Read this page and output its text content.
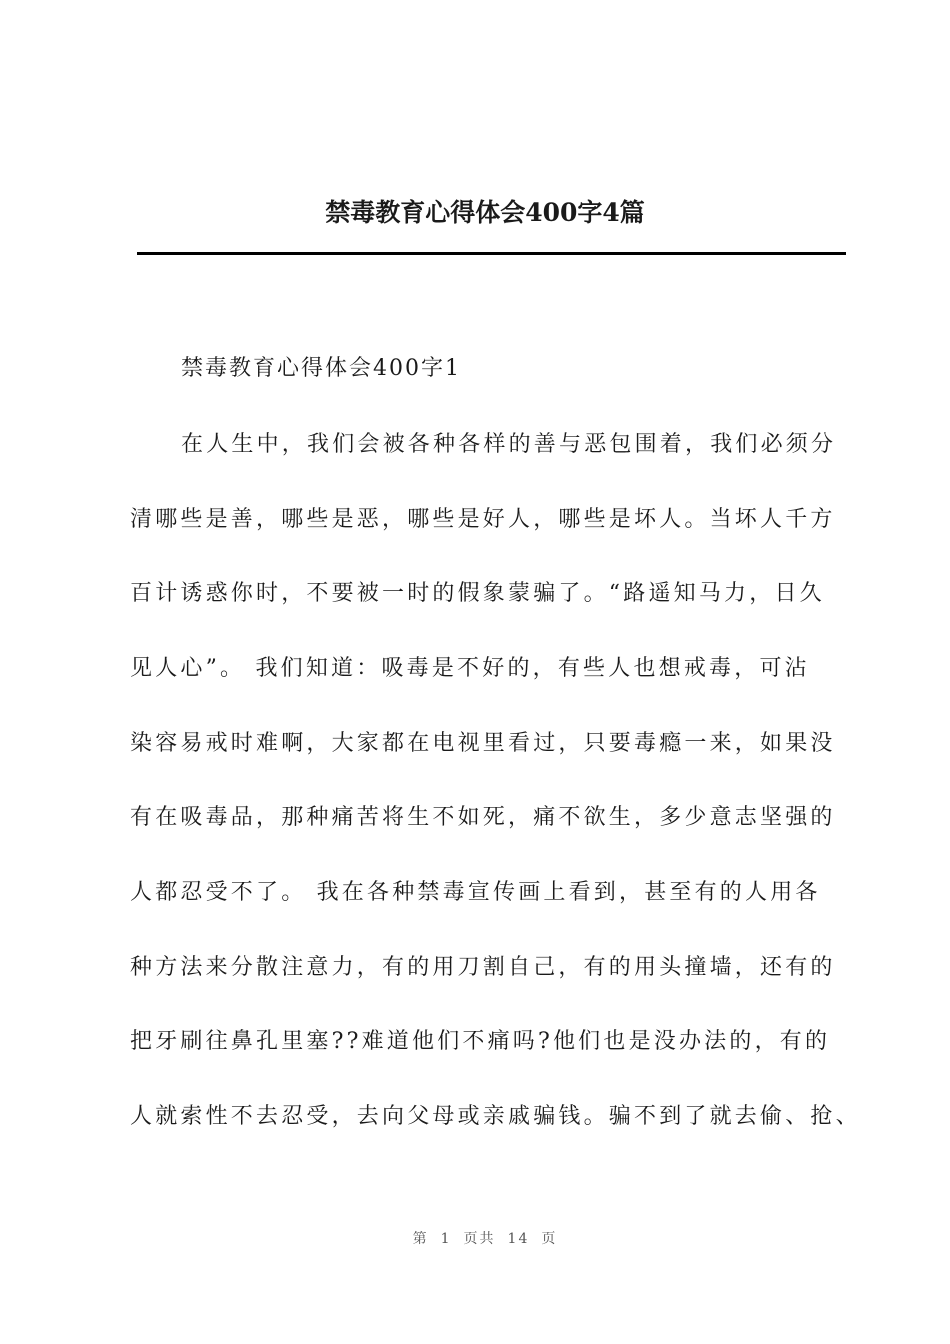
禁毒教育心得体会400字4篇
禁毒教育心得体会400字1
在人生中，我们会被各种各样的善与恶包围着，我们必须分
清哪些是善，哪些是恶，哪些是好人，哪些是坏人。当坏人千方
百计诱惑你时，不要被一时的假象蒙骗了。“路遥知马力，日久
见人心”。 我们知道：吸毒是不好的，有些人也想戒毒，可沾
染容易戒时难啊，大家都在电视里看过，只要毒瘾一来，如果没
有在吸毒品，那种痛苦将生不如死，痛不欲生，多少意志坚强的
人都忍受不了。 我在各种禁毒宣传画上看到，甚至有的人用各
种方法来分散注意力，有的用刀割自己，有的用头撞墙，还有的
把牙刷往鼻孔里塞??难道他们不痛吗?他们也是没办法的，有的
人就索性不去忍受，去向父母或亲戚骗钱。骗不到了就去偷、抢、
第 1 页共 14 页
